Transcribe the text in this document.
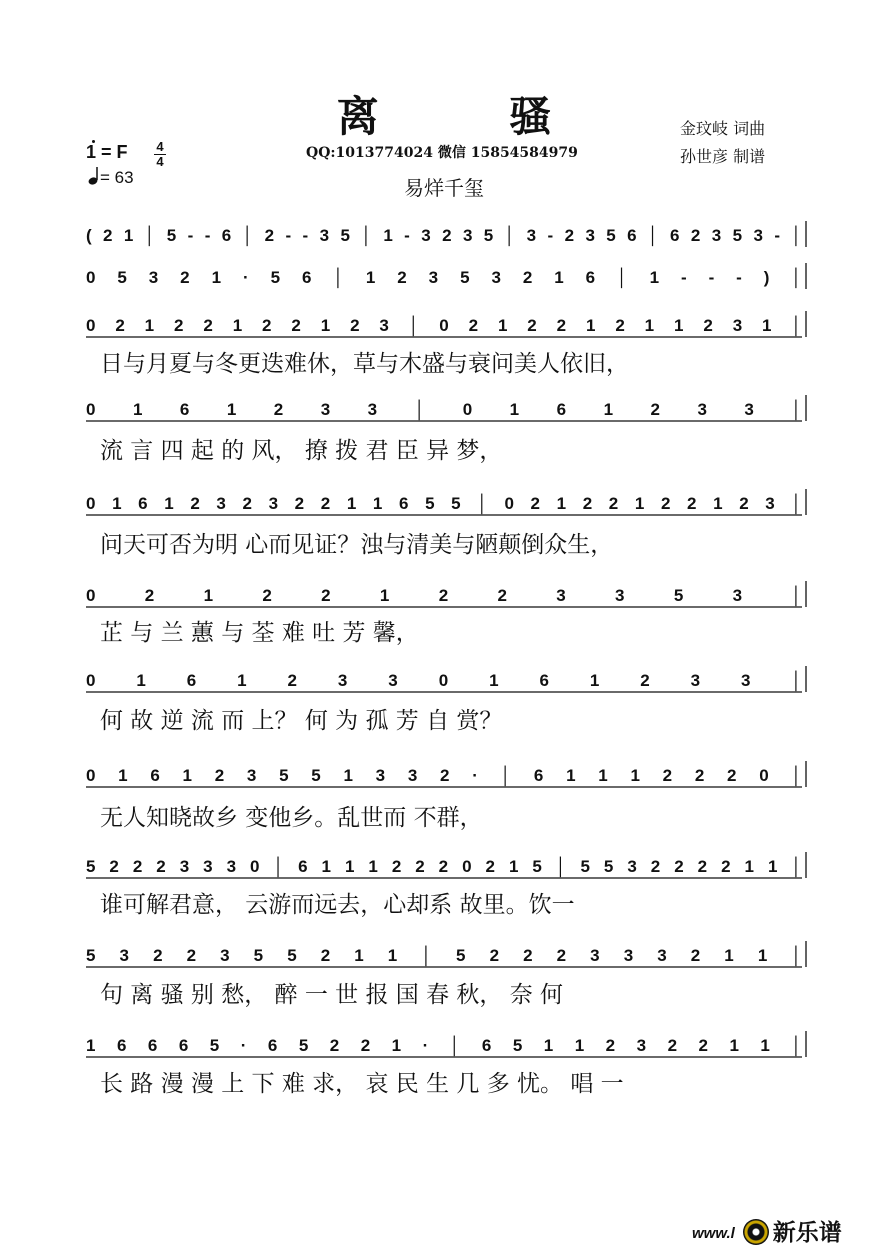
离 骚	金玟岐 词曲
孙世彦 制谱
QQ:1013774024 微信 15854584979
易烊千玺
1 = F 4
4
= 63
( 2 1 │ 5 - - 6 │ 2 - - 3 5 │ 1 - 3 2 3 5 │ 3 - 2 3 5 6 │ 6 2 3 5 3 - │
0 5 3 2 1 · 5 6 │ 1 2 3 5 3 2 1 6 │ 1 - - - ) │
0 2 1 2 2 1 2 2 1 2 3 │ 0 2 1 2 2 1 2 1 1 2 3 1 │
0 1 6 1 2 3 3 │ 0 1 6 1 2 3 3 │
0 1 6 1 2 3 2 3 2 2 1 1 6 5 5 │ 0 2 1 2 2 1 2 2 1 2 3 │
0 2 1 2 2 1 2 2 3 3 5 3 │
0 1 6 1 2 3 3 0 1 6 1 2 3 3 │
0 1 6 1 2 3 5 5 1 3 3 2 · │ 6 1 1 1 2 2 2 0 │
5 2 2 2 3 3 3 0 │ 6 1 1 1 2 2 2 0 2 1 5 │ 5 5 3 2 2 2 2 1 1 │
5 3 2 2 3 5 5 2 1 1 │ 5 2 2 2 3 3 3 2 1 1 │
1 6 6 6 5 · 6 5 2 2 1 · │ 6 5 1 1 2 3 2 2 1 1 │
日与月夏与冬更迭难休，草与木盛与衰问美人依旧，
流 言 四 起 的 风， 撩 拨 君 臣 异 梦，
问天可否为明 心而见证？浊与清美与陋颠倒众生，
芷 与 兰 蕙 与 荃 难 吐 芳 馨，
何 故 逆 流 而 上？ 何 为 孤 芳 自 赏？
无人知晓故乡 变他乡。乱世而 不群，
谁可解君意， 云游而远去，心却系 故里。饮一
句 离 骚 别 愁， 醉 一 世 报 国 春 秋， 奈 何
长 路 漫 漫 上 下 难 求， 哀 民 生 几 多 忧。 唱 一
www.l 新乐谱
